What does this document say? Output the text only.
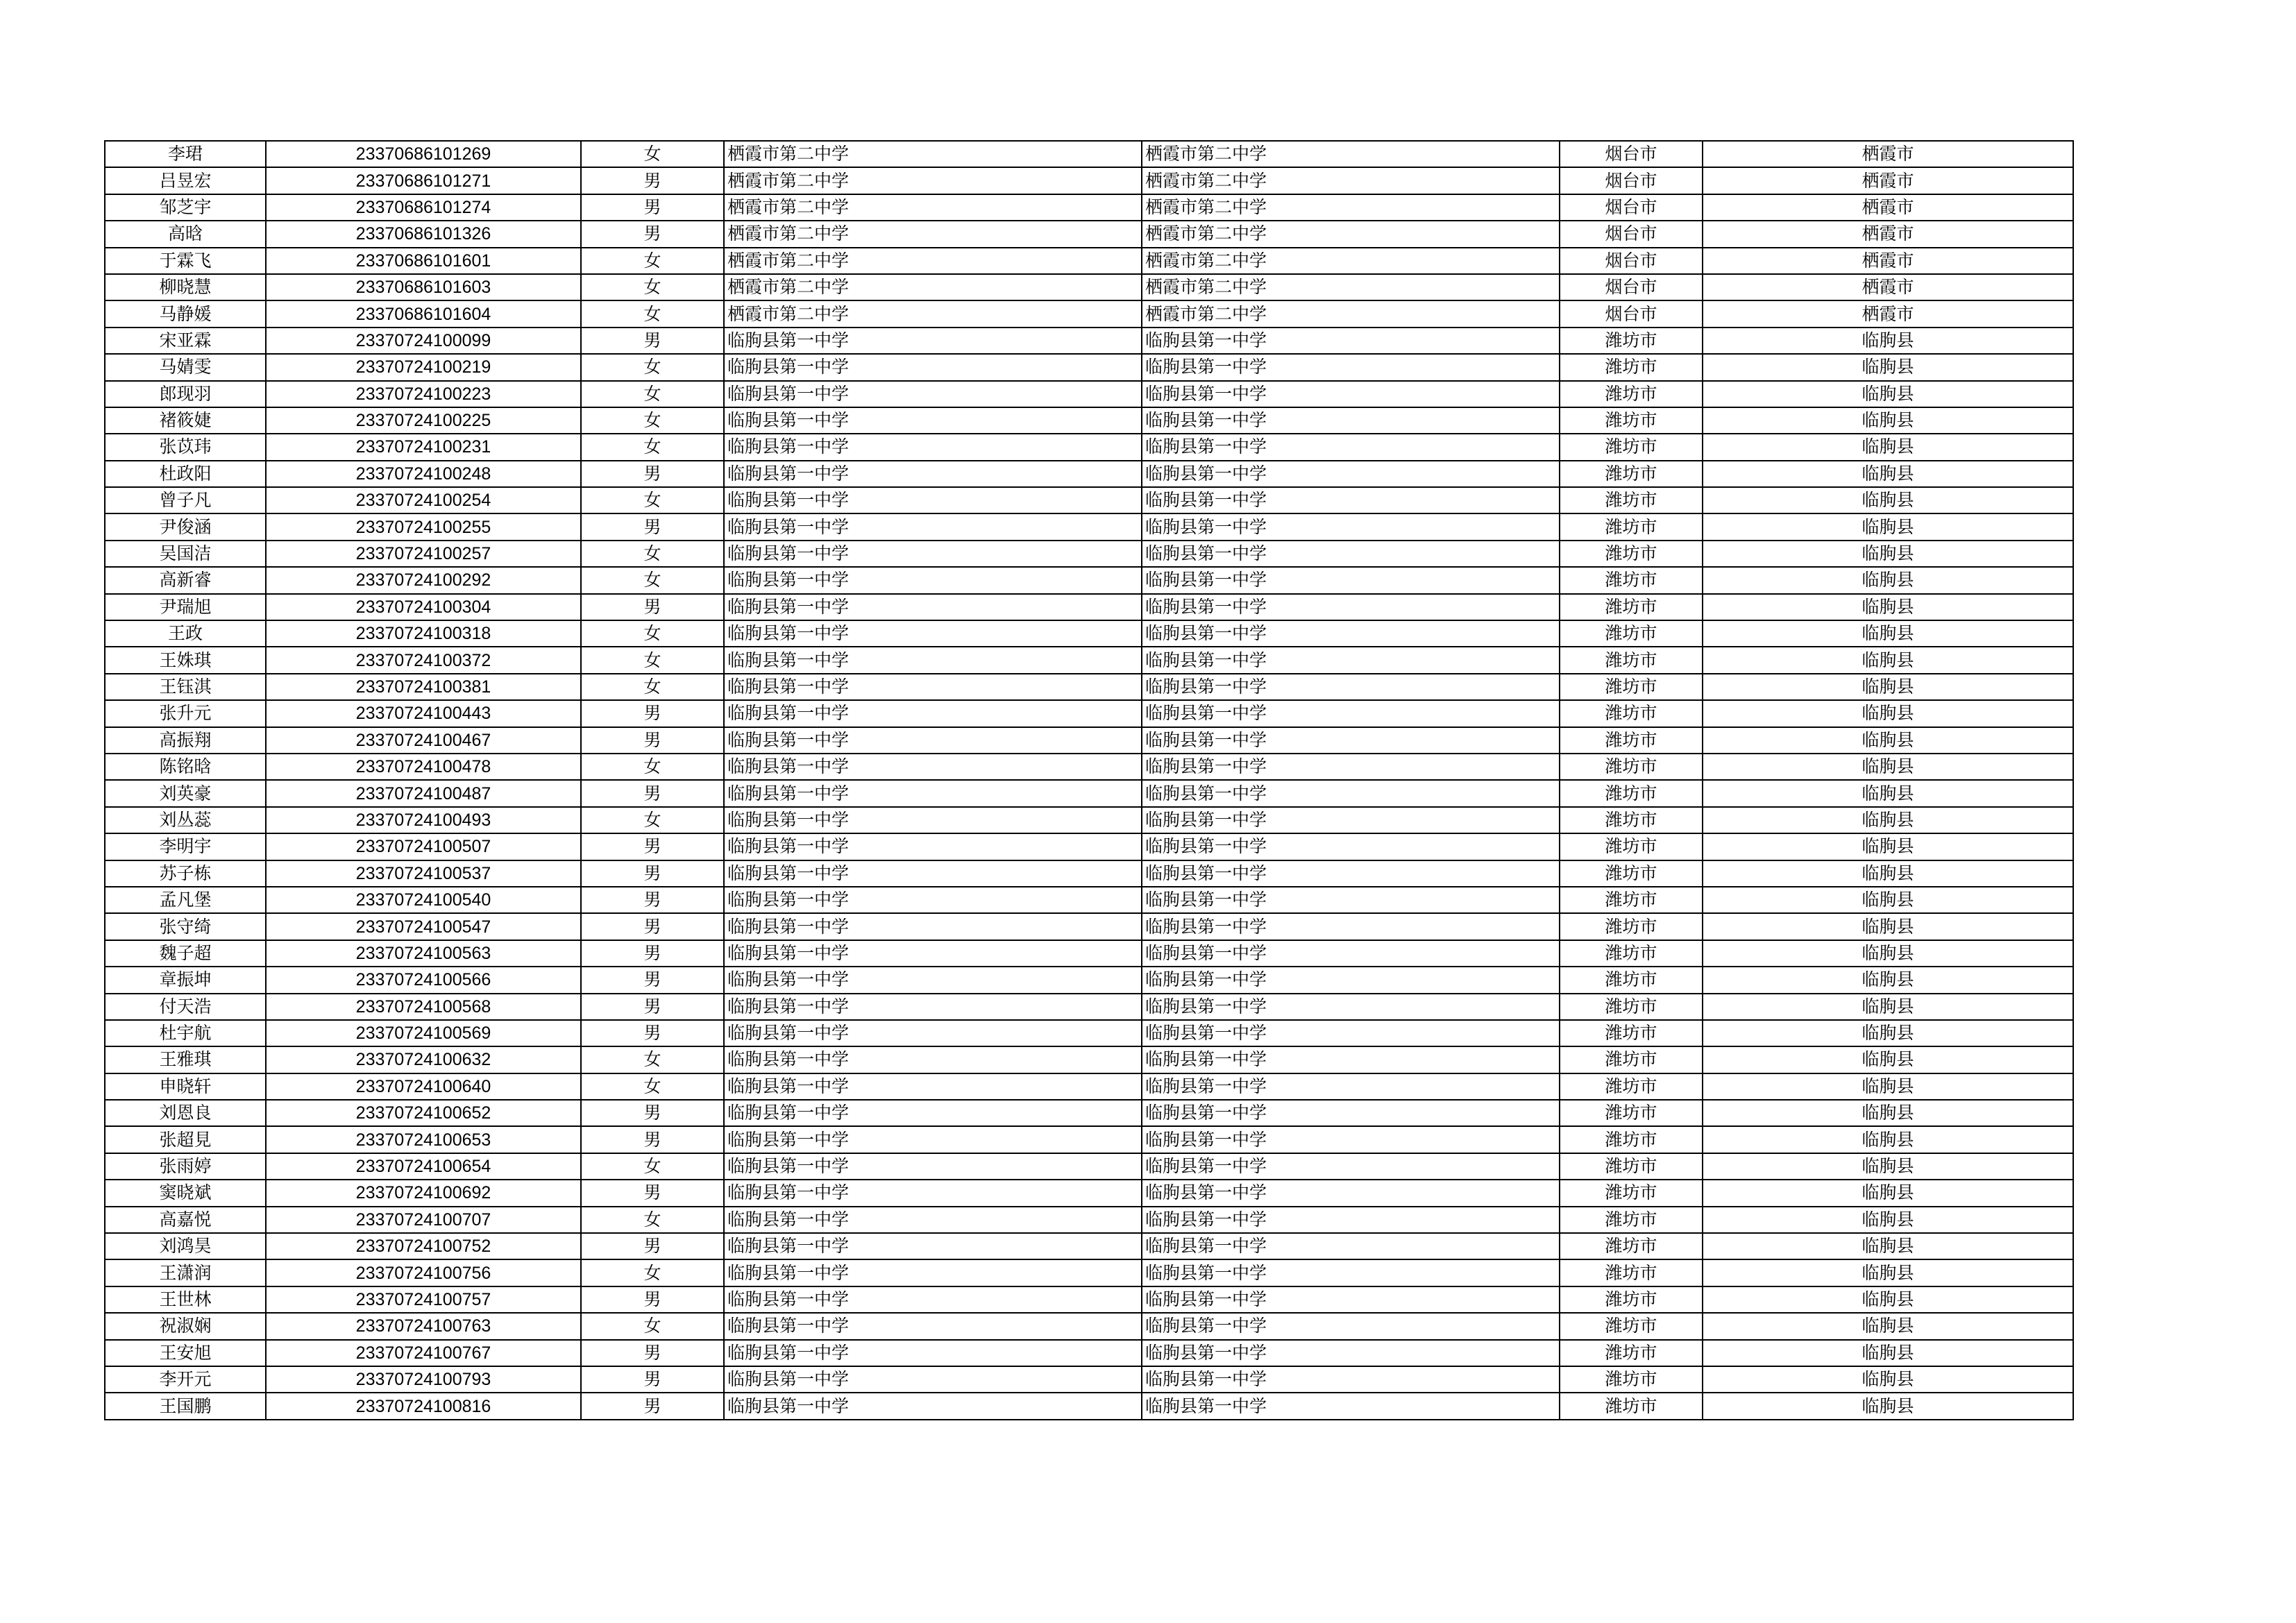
李珺	23370686101269	女	栖霞市第二中学	栖霞市第二中学	烟台市	栖霞市
吕昱宏	23370686101271	男	栖霞市第二中学	栖霞市第二中学	烟台市	栖霞市
邹芝宇	23370686101274	男	栖霞市第二中学	栖霞市第二中学	烟台市	栖霞市
高晗	23370686101326	男	栖霞市第二中学	栖霞市第二中学	烟台市	栖霞市
于霖飞	23370686101601	女	栖霞市第二中学	栖霞市第二中学	烟台市	栖霞市
柳晓慧	23370686101603	女	栖霞市第二中学	栖霞市第二中学	烟台市	栖霞市
马静媛	23370686101604	女	栖霞市第二中学	栖霞市第二中学	烟台市	栖霞市
宋亚霖	23370724100099	男	临朐县第一中学	临朐县第一中学	潍坊市	临朐县
马婧雯	23370724100219	女	临朐县第一中学	临朐县第一中学	潍坊市	临朐县
郎现羽	23370724100223	女	临朐县第一中学	临朐县第一中学	潍坊市	临朐县
褚筱婕	23370724100225	女	临朐县第一中学	临朐县第一中学	潍坊市	临朐县
张苡玮	23370724100231	女	临朐县第一中学	临朐县第一中学	潍坊市	临朐县
杜政阳	23370724100248	男	临朐县第一中学	临朐县第一中学	潍坊市	临朐县
曾子凡	23370724100254	女	临朐县第一中学	临朐县第一中学	潍坊市	临朐县
尹俊涵	23370724100255	男	临朐县第一中学	临朐县第一中学	潍坊市	临朐县
吴国洁	23370724100257	女	临朐县第一中学	临朐县第一中学	潍坊市	临朐县
高新睿	23370724100292	女	临朐县第一中学	临朐县第一中学	潍坊市	临朐县
尹瑞旭	23370724100304	男	临朐县第一中学	临朐县第一中学	潍坊市	临朐县
王政	23370724100318	女	临朐县第一中学	临朐县第一中学	潍坊市	临朐县
王姝琪	23370724100372	女	临朐县第一中学	临朐县第一中学	潍坊市	临朐县
王钰淇	23370724100381	女	临朐县第一中学	临朐县第一中学	潍坊市	临朐县
张升元	23370724100443	男	临朐县第一中学	临朐县第一中学	潍坊市	临朐县
高振翔	23370724100467	男	临朐县第一中学	临朐县第一中学	潍坊市	临朐县
陈铭晗	23370724100478	女	临朐县第一中学	临朐县第一中学	潍坊市	临朐县
刘英豪	23370724100487	男	临朐县第一中学	临朐县第一中学	潍坊市	临朐县
刘丛蕊	23370724100493	女	临朐县第一中学	临朐县第一中学	潍坊市	临朐县
李明宇	23370724100507	男	临朐县第一中学	临朐县第一中学	潍坊市	临朐县
苏子栋	23370724100537	男	临朐县第一中学	临朐县第一中学	潍坊市	临朐县
孟凡堡	23370724100540	男	临朐县第一中学	临朐县第一中学	潍坊市	临朐县
张守绮	23370724100547	男	临朐县第一中学	临朐县第一中学	潍坊市	临朐县
魏子超	23370724100563	男	临朐县第一中学	临朐县第一中学	潍坊市	临朐县
章振坤	23370724100566	男	临朐县第一中学	临朐县第一中学	潍坊市	临朐县
付天浩	23370724100568	男	临朐县第一中学	临朐县第一中学	潍坊市	临朐县
杜宇航	23370724100569	男	临朐县第一中学	临朐县第一中学	潍坊市	临朐县
王雅琪	23370724100632	女	临朐县第一中学	临朐县第一中学	潍坊市	临朐县
申晓轩	23370724100640	女	临朐县第一中学	临朐县第一中学	潍坊市	临朐县
刘恩良	23370724100652	男	临朐县第一中学	临朐县第一中学	潍坊市	临朐县
张超見	23370724100653	男	临朐县第一中学	临朐县第一中学	潍坊市	临朐县
张雨婷	23370724100654	女	临朐县第一中学	临朐县第一中学	潍坊市	临朐县
窦晓斌	23370724100692	男	临朐县第一中学	临朐县第一中学	潍坊市	临朐县
高嘉悦	23370724100707	女	临朐县第一中学	临朐县第一中学	潍坊市	临朐县
刘鸿昊	23370724100752	男	临朐县第一中学	临朐县第一中学	潍坊市	临朐县
王潇润	23370724100756	女	临朐县第一中学	临朐县第一中学	潍坊市	临朐县
王世林	23370724100757	男	临朐县第一中学	临朐县第一中学	潍坊市	临朐县
祝淑娴	23370724100763	女	临朐县第一中学	临朐县第一中学	潍坊市	临朐县
王安旭	23370724100767	男	临朐县第一中学	临朐县第一中学	潍坊市	临朐县
李开元	23370724100793	男	临朐县第一中学	临朐县第一中学	潍坊市	临朐县
王国鹏	23370724100816	男	临朐县第一中学	临朐县第一中学	潍坊市	临朐县
